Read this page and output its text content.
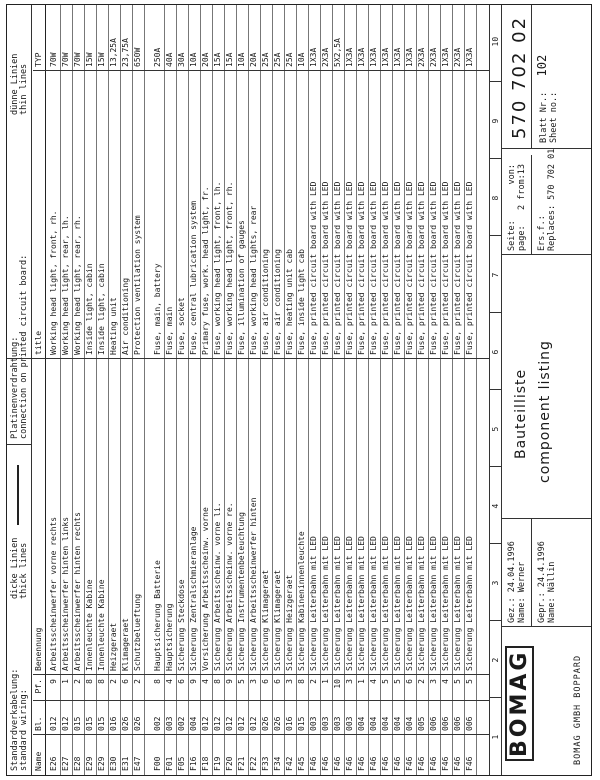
Standardverkabelung: standard wiring:
dicke Linien thick lines
Platinenverdrahtung: connection on printed circuit board:
dünne Linien thin lines
Name
Bl.
Pf.
Benennung
title
TYP
E26
012
9
Arbeitsscheinwerfer vorne rechts
Working head light, front, rh.
70W
E27
012
1
Arbeitsscheinwerfer hinten links
Working head light, rear, lh.
70W
E28
015
2
Arbeitsscheinwerfer hinten rechts
Working head light, rear, rh.
70W
E29
015
8
Innenleuchte Kabine
Inside light, cabin
15W
E29
015
8
Innenleuchte Kabine
Inside light, cabin
15W
E30
016
2
Heizgeraet
Heating unit
13,25A
E31
026
6
Klimageraet
Air conditioning
23,75A
E47
026
2
Schutzbelueftung
Protection ventilation system
650W
F00
002
8
Hauptsicherung Batterie
Fuse, main, battery
250A
F01
003
4
Hauptsicherung
Fuse, main
40A
F05
002
6
Sicherung Steckdose
Fuse, socket
30A
F16
004
9
Sicherung Zentralschmieranlage
Fuse, central lubrication system
10A
F18
012
4
Vorsicherung Arbeitsscheinw. vorne
Primary fuse, work. head light, fr.
20A
F19
012
8
Sicherung Arbeitsscheinw. vorne li.
Fuse, working head light, front, lh.
15A
F20
012
9
Sicherung Arbeitsscheinw. vorne re.
Fuse, working head light, front, rh.
15A
F21
012
5
Sicherung Instrumentenbeleuchtung
Fuse, illumination of gauges
10A
F22
012
3
Sicherung Arbeitsscheinwerfer hinten
Fuse, working head lights, rear
20A
F33
026
6
Sicherung Klimageraet
Fuse, air conditioning
25A
F34
026
6
Sicherung Klimageraet
Fuse, air conditioning
25A
F42
016
3
Sicherung Heizgeraet
Fuse, heating unit cab
25A
F45
015
8
Sicherung Kabineninnenleuchte
Fuse, inside light cab
10A
F46
003
2
Sicherung Leiterbahn mit LED
Fuse, printed circuit board with LED
1X3A
F46
003
1
Sicherung Leiterbahn mit LED
Fuse, printed circuit board with LED
2X3A
F46
003
10
Sicherung Leiterbahn mit LED
Fuse, printed circuit board with LED
5X2,5A
F46
003
3
Sicherung Leiterbahn mit LED
Fuse, printed circuit board with LED
1X3A
F46
004
1
Sicherung Leiterbahn mit LED
Fuse, printed circuit board with LED
1X3A
F46
004
4
Sicherung Leiterbahn mit LED
Fuse, printed circuit board with LED
1X3A
F46
004
5
Sicherung Leiterbahn mit LED
Fuse, printed circuit board with LED
1X3A
F46
004
5
Sicherung Leiterbahn mit LED
Fuse, printed circuit board with LED
1X3A
F46
004
6
Sicherung Leiterbahn mit LED
Fuse, printed circuit board with LED
1X3A
F46
005
2
Sicherung Leiterbahn mit LED
Fuse, printed circuit board with LED
2X3A
F46
006
3
Sicherung Leiterbahn mit LED
Fuse, printed circuit board with LED
2X3A
F46
006
4
Sicherung Leiterbahn mit LED
Fuse, printed circuit board with LED
1X3A
F46
006
5
Sicherung Leiterbahn mit LED
Fuse, printed circuit board with LED
2X3A
F46
006
5
Sicherung Leiterbahn mit LED
Fuse, printed circuit board with LED
1X3A
1
2
3
4
5
6
7
8
9
10
BOMAG	BOMAG GMBH BOPPARD
Gez.: 24.04.1996
Name: Werner
Gepr.: 24.4.1996
Name: Nällin
Bauteilliste component listing
Seite:       von:
page:   2 from:13
Ers.f.: Replaces: 570 702 01
570 702 02 Blatt Nr.:   102
Sheet no.:
